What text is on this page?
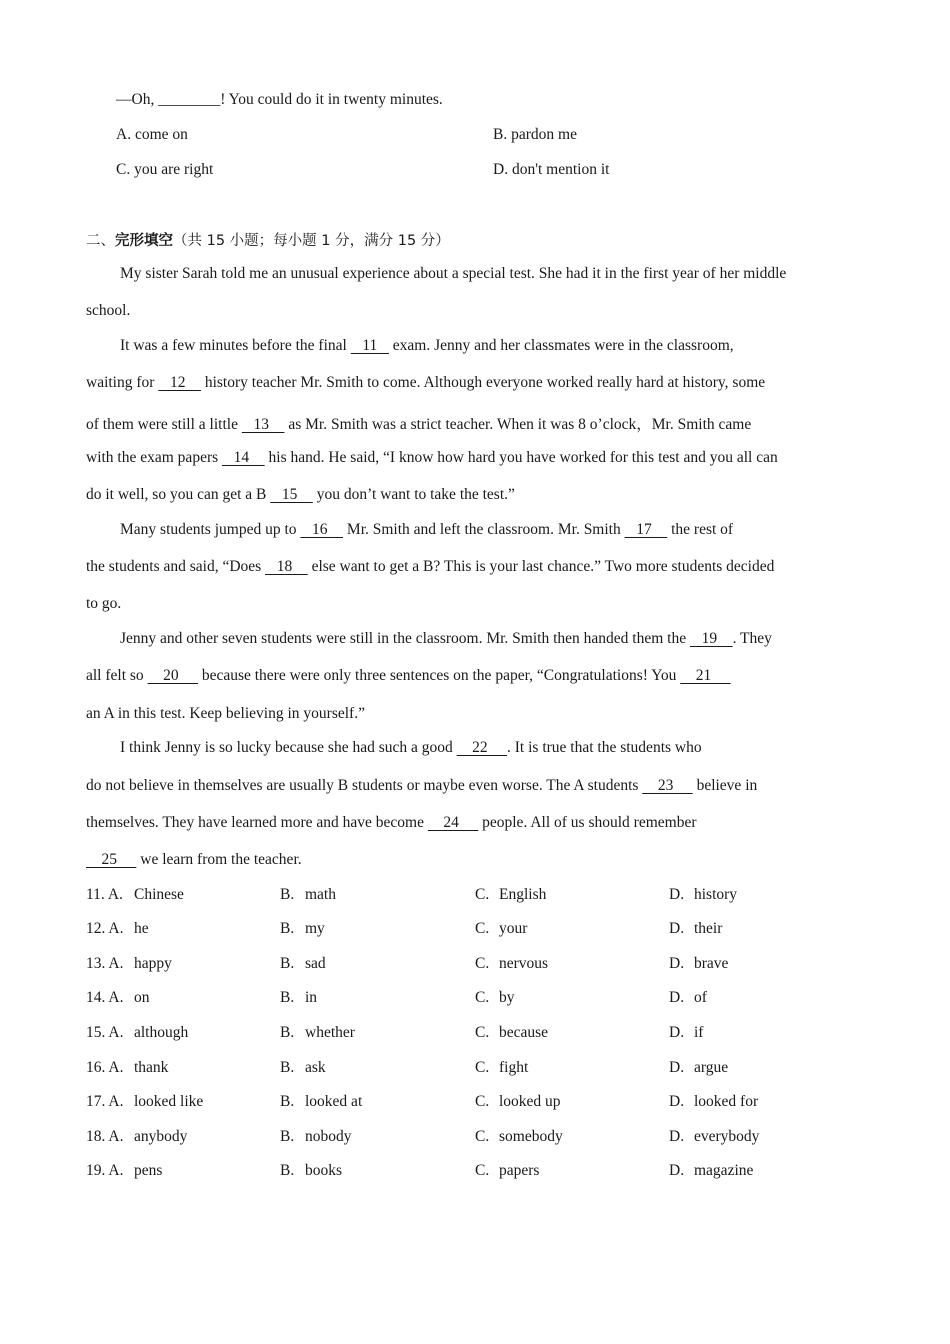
—Oh, ________! You could do it in twenty minutes.
A. come on	B. pardon me
C. you are right	D. don't mention it
二、完形填空（共 15 小题；每小题 1 分，满分 15 分）
My sister Sarah told me an unusual experience about a special test. She had it in the first year of her middle
school.
It was a few minutes before the final    11    exam. Jenny and her classmates were in the classroom,
waiting for    12     history teacher Mr. Smith to come. Although everyone worked really hard at history, some
of them were still a little    13     as Mr. Smith was a strict teacher. When it was 8 o’clock，Mr. Smith came
with the exam papers    14     his hand. He said, “I know how hard you have worked for this test and you all can
do it well, so you can get a B    15     you don’t want to take the test.”
Many students jumped up to    16     Mr. Smith and left the classroom. Mr. Smith    17     the rest of
the students and said, “Does    18     else want to get a B? This is your last chance.” Two more students decided
to go.
Jenny and other seven students were still in the classroom. Mr. Smith then handed them the    19    . They
all felt so     20      because there were only three sentences on the paper, “Congratulations! You     21
an A in this test. Keep believing in yourself.”
I think Jenny is so lucky because she had such a good     22     . It is true that the students who
do not believe in themselves are usually B students or maybe even worse. The A students     23      believe in
themselves. They have learned more and have become     24      people. All of us should remember
25      we learn from the teacher.
11. A. Chinese	B. math	C. English	D. history
12. A. he	B. my	C. your	D. their
13. A. happy	B. sad	C. nervous	D. brave
14. A. on	B. in	C. by	D. of
15. A. although	B. whether	C. because	D. if
16. A. thank	B. ask	C. fight	D. argue
17. A. looked like	B. looked at	C. looked up	D. looked for
18. A. anybody	B. nobody	C. somebody	D. everybody
19. A. pens	B. books	C. papers	D. magazine
